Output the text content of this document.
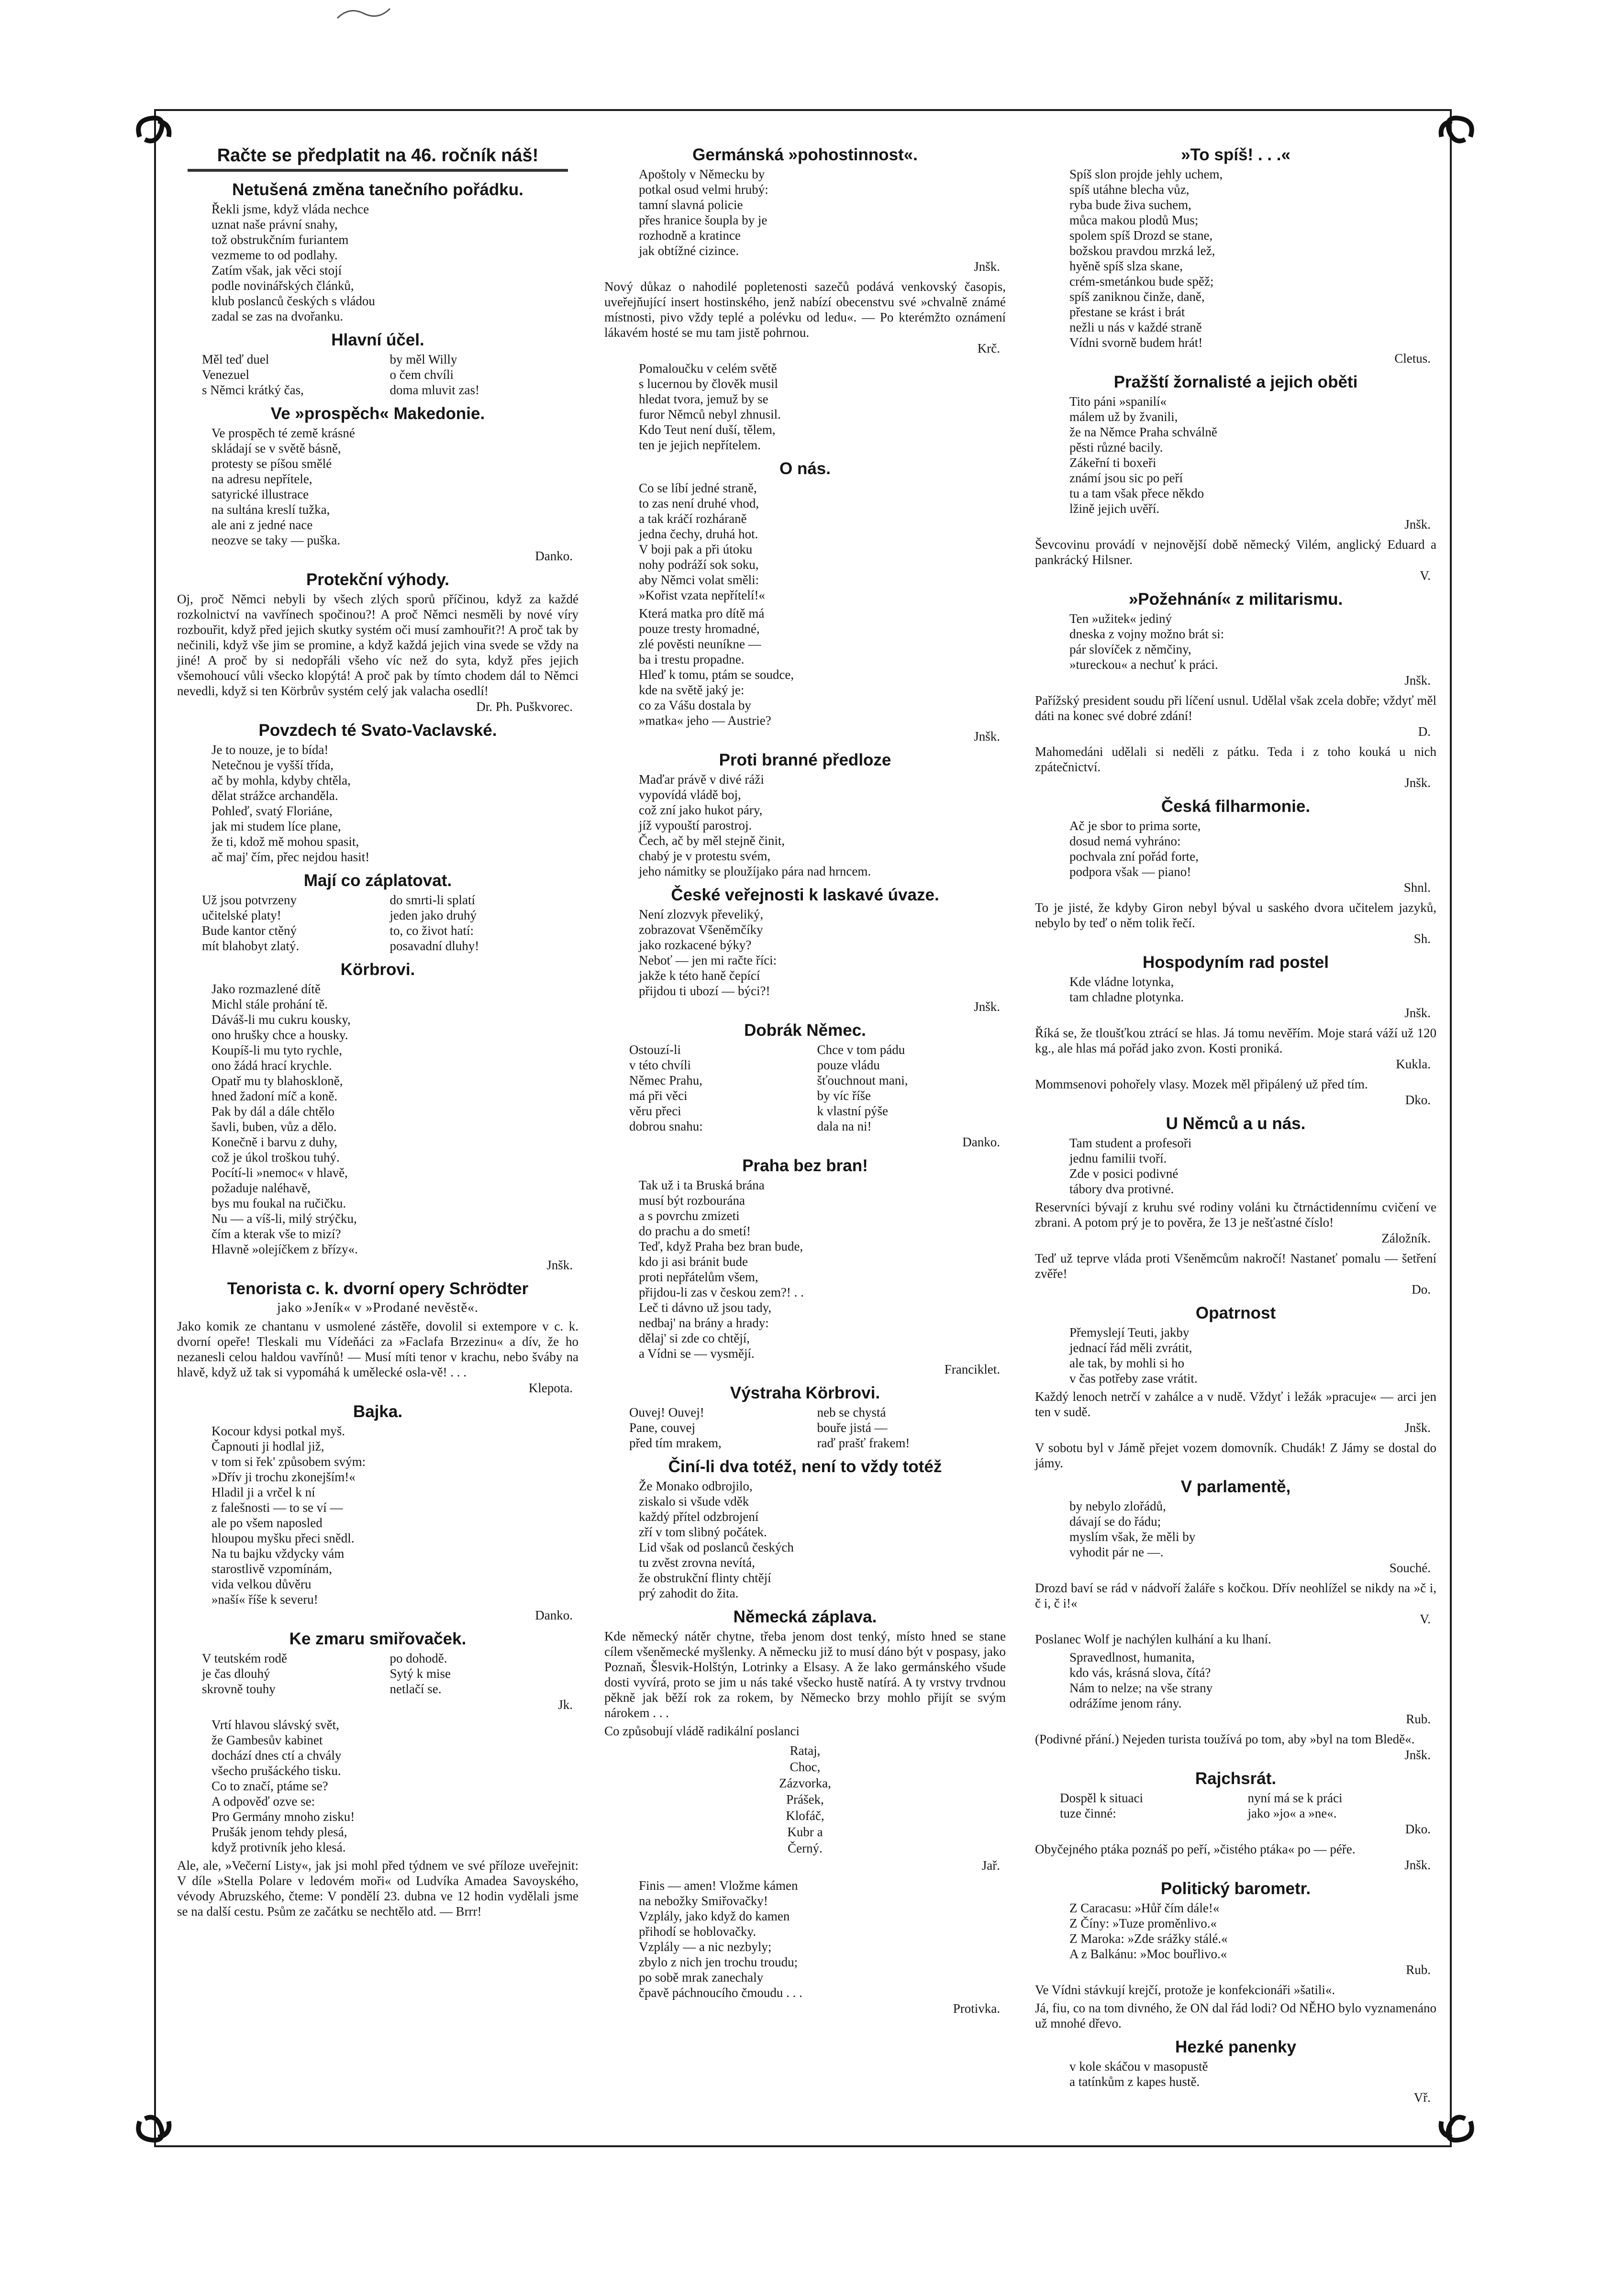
Račte se předplatit na 46. ročník náš!
Netušená změna tanečního pořádku.
Řekli jsme, když vláda nechce
uznat naše právní snahy,
tož obstrukčním furiantem
vezmeme to od podlahy.
Zatím však, jak věci stojí
podle novinářských článků,
klub poslanců českých s vládou
zadal se zas na dvořanku.
Hlavní účel.
Měl teď duel
Venezuel
s Němci krátký čas,
by měl Willy
o čem chvíli
doma mluvit zas!
Ve »prospěch« Makedonie.
Ve prospěch té země krásné
skládají se v světě básně,
protesty se píšou smělé
na adresu nepřítele,
satyrické illustrace
na sultána kreslí tužka,
ale ani z jedné nace
neozve se taky — puška.
Danko.
Protekční výhody.
Oj, proč Němci nebyli by všech zlých sporů příčinou, když za každé rozkolnictví na vavřínech spočinou?! A proč Němci nesměli by nové víry rozbouřit, když před jejich skutky systém oči musí zamhouřit?! A proč tak by nečinili, když vše jim se promine, a když každá jejich vina svede se vždy na jiné! A proč by si nedopřáli všeho víc než do syta, když přes jejich všemohoucí vůli všecko klopýtá! A proč pak by tímto chodem dál to Němci nevedli, když si ten Körbrův systém celý jak valacha osedlí!
Dr. Ph. Puškvorec.
Povzdech té Svato-Vaclavské.
Je to nouze, je to bída!
Netečnou je vyšší třída,
ač by mohla, kdyby chtěla,
dělat strážce archanděla.
Pohleď, svatý Floriáne,
jak mi studem líce plane,
že ti, kdož mě mohou spasit,
ač maj' čím, přec nejdou hasit!
Mají co záplatovat.
Už jsou potvrzeny
učitelské platy!
Bude kantor ctěný
mít blahobyt zlatý.
do smrti-li splatí
jeden jako druhý
to, co život hatí:
posavadní dluhy!
Körbrovi.
Jako rozmazlené dítě
Michl stále prohání tě.
Dáváš-li mu cukru kousky,
ono hrušky chce a housky.
Koupíš-li mu tyto rychle,
ono žádá hrací krychle.
Opatř mu ty blahoskloně,
hned žadoní míč a koně.
Pak by dál a dále chtělo
šavli, buben, vůz a dělo.
Konečně i barvu z duhy,
což je úkol troškou tuhý.
Pocítí-li »nemoc« v hlavě,
požaduje naléhavě,
bys mu foukal na ručičku.
Nu — a víš-li, milý strýčku,
čím a kterak vše to mizí?
Hlavně »olejíčkem z břízy«.
Jnšk.
Tenorista c. k. dvorní opery Schrödter
jako »Jeník« v »Prodané nevěstě«.
Jako komik ze chantanu v usmolené zástěře, dovolil si extempore v c. k. dvorní opeře! Tleskali mu Vídeňáci za »Faclafa Brzezinu« a dív, že ho nezanesli celou haldou vavřínů! — Musí míti tenor v krachu, nebo šváby na hlavě, když už tak si vypomáhá k umělecké osla-vě! . . .
Klepota.
Bajka.
Kocour kdysi potkal myš.
Čapnouti ji hodlal již,
v tom si řek' způsobem svým:
»Dřív ji trochu zkonejším!«
Hladil ji a vrčel k ní
z falešnosti — to se ví —
ale po všem naposled
hloupou myšku přeci snědl.
Na tu bajku vždycky vám
starostlivě vzpomínám,
vida velkou důvěru
»naší« říše k severu!
Danko.
Ke zmaru smiřovaček.
V teutském rodě
je čas dlouhý
skrovně touhy
po dohodě.
Sytý k mise
netlačí se.
Jk.
Vrtí hlavou slávský svět,
že Gambesův kabinet
dochází dnes ctí a chvály
všecho prušáckého tisku.
Co to značí, ptáme se?
A odpověď ozve se:
Pro Germány mnoho zisku!
Prušák jenom tehdy plesá,
když protivník jeho klesá.
Ale, ale, »Večerní Listy«, jak jsi mohl před týdnem ve své příloze uveřejnit: V díle »Stella Polare v ledovém moři« od Ludvíka Amadea Savoyského, vévody Abruzského, čteme: V pondělí 23. dubna ve 12 hodin vydělali jsme se na další cestu. Psům ze začátku se nechtělo atd. — Brrr!
Germánská »pohostinnost«.
Apoštoly v Německu by
potkal osud velmi hrubý:
tamní slavná policie
přes hranice šoupla by je
rozhodně a kratince
jak obtížné cizince.
Jnšk.
Nový důkaz o nahodilé popletenosti sazečů podává venkovský časopis, uveřejňující insert hostinského, jenž nabízí obecenstvu své »chvalně známé místnosti, pivo vždy teplé a polévku od ledu«. — Po kterémžto oznámení lákavém hosté se mu tam jistě pohrnou.
Krč.
Pomaloučku v celém světě
s lucernou by člověk musil
hledat tvora, jemuž by se
furor Němců nebyl zhnusil.
Kdo Teut není duší, tělem,
ten je jejich nepřítelem.
O nás.
Co se líbí jedné straně,
to zas není druhé vhod,
a tak kráčí rozháraně
jedna čechy, druhá hot.
V boji pak a při útoku
nohy podráží sok soku,
aby Němci volat směli:
»Kořist vzata nepřítelí!«
Která matka pro dítě má
pouze tresty hromadné,
zlé pověsti neuníkne —
ba i trestu propadne.
Hleď k tomu, ptám se soudce,
kde na světě jaký je:
co za Vášu dostala by
»matka« jeho — Austrie?
Jnšk.
Proti branné předloze
Maďar právě v divé ráži
vypovídá vládě boj,
což zní jako hukot páry,
jíž vypouští parostroj.
Čech, ač by měl stejně činit,
chabý je v protestu svém,
jeho námitky se ploužíjako pára nad hrncem.
České veřejnosti k laskavé úvaze.
Není zlozvyk převeliký,
zobrazovat Všeněmčíky
jako rozkacené býky?
Neboť — jen mi račte říci:
jakže k této haně čepící
přijdou ti ubozí — býci?!
Jnšk.
Dobrák Němec.
Ostouzí-li
v této chvíli
Němec Prahu,
má při věci
věru přeci
dobrou snahu:
Chce v tom pádu
pouze vládu
šťouchnout mani,
by víc říše
k vlastní pýše
dala na ni!
Danko.
Praha bez bran!
Tak už i ta Bruská brána
musí být rozbourána
a s povrchu zmizeti
do prachu a do smetí!
Teď, když Praha bez bran bude,
kdo ji asi bránit bude
proti nepřátelům všem,
přijdou-li zas v českou zem?! . .
Leč ti dávno už jsou tady,
nedbaj' na brány a hrady:
dělaj' si zde co chtějí,
a Vídni se — vysmějí.
Franciklet.
Výstraha Körbrovi.
Ouvej! Ouvej!
Pane, couvej
před tím mrakem,
neb se chystá
bouře jistá —
raď prašť frakem!
Činí-li dva totéž, není to vždy totéž
Že Monako odbrojilo,
ziskalo si všude vděk
každý přítel odzbrojení
zří v tom slibný počátek.
Lid však od poslanců českých
tu zvěst zrovna nevítá,
že obstrukční flinty chtějí
prý zahodit do žita.
Německá záplava.
Kde německý nátěr chytne, třeba jenom dost tenký, místo hned se stane cílem všeněmecké myšlenky. A německu již to musí dáno být v pospasy, jako Poznaň, Šlesvik-Holštýn, Lotrinky a Elsasy. A že lako germánského všude dosti vyvírá, proto se jim u nás také všecko hustě natírá. A ty vrstvy trvdnou pěkně jak běží rok za rokem, by Německo brzy mohlo přijít se svým nárokem . . .
Co způsobují vládě radikální poslanci
Rataj,
Choc,
Zázvorka,
Prášek,
Klofáč,
Kubr a
Černý.
Jař.
Finis — amen! Vložme kámen
na nebožky Smiřovačky!
Vzplály, jako když do kamen
přihodí se hoblovačky.
Vzplály — a nic nezbyly;
zbylo z nich jen trochu troudu;
po sobě mrak zanechaly
čpavě páchnoucího čmoudu . . .
Protivka.
»To spíš! . . .«
Spíš slon projde jehly uchem,
spíš utáhne blecha vůz,
ryba bude živa suchem,
můca makou plodů Mus;
spolem spíš Drozd se stane,
božskou pravdou mrzká lež,
hyěně spíš slza skane,
crém-smetánkou bude spěž;
spíš zaniknou činže, daně,
přestane se krást i brát
nežli u nás v každé straně
Vídni svorně budem hrát!
Cletus.
Pražští žornalisté a jejich oběti
Tito páni »spanilí«
málem už by žvanili,
že na Němce Praha schválně
pěsti různé bacily.
Zákeřní ti boxeři
známí jsou sic po peří
tu a tam však přece někdo
lžině jejich uvěří.
Jnšk.
Ševcovinu provádí v nejnovější době německý Vilém, anglický Eduard a pankrácký Hilsner.
V.
»Požehnání« z militarismu.
Ten »užitek« jediný
dneska z vojny možno brát si:
pár slovíček z němčiny,
»tureckou« a nechuť k práci.
Jnšk.
Pařížský president soudu při líčení usnul. Udělal však zcela dobře; vždyť měl dáti na konec své dobré zdání!
D.
Mahomedáni udělali si neděli z pátku. Teda i z toho kouká u nich zpátečnictví.
Jnšk.
Česká filharmonie.
Ač je sbor to prima sorte,
dosud nemá vyhráno:
pochvala zní pořád forte,
podpora však — piano!
Shnl.
To je jisté, že kdyby Giron nebyl býval u saského dvora učitelem jazyků, nebylo by teď o něm tolik řečí.
Sh.
Hospodyním rad postel
Kde vládne lotynka,
tam chladne plotynka.
Jnšk.
Říká se, že tloušťkou ztrácí se hlas. Já tomu nevěřím. Moje stará váží už 120 kg., ale hlas má pořád jako zvon. Kosti proniká.
Kukla.
Mommsenovi pohořely vlasy. Mozek měl připálený už před tím.
Dko.
U Němců a u nás.
Tam student a profesoři
jednu familii tvoří.
Zde v posici podivné
tábory dva protivné.
Reservníci bývají z kruhu své rodiny voláni ku čtrnáctidennímu cvičení ve zbrani. A potom prý je to pověra, že 13 je nešťastné číslo!
Záložník.
Teď už teprve vláda proti Všeněmcům nakročí! Nastaneť pomalu — šetření zvěře!
Do.
Opatrnost
Přemyslejí Teuti, jakby
jednací řád měli zvrátit,
ale tak, by mohli si ho
v čas potřeby zase vrátit.
Každý lenoch netrčí v zahálce a v nudě. Vždyť i ležák »pracuje« — arci jen ten v sudě.
Jnšk.
V sobotu byl v Jámě přejet vozem domovník. Chudák! Z Jámy se dostal do jámy.
V parlamentě,
by nebylo zlořádů,
dávají se do řádu;
myslím však, že měli by
vyhodit pár ne —.
Souché.
Drozd baví se rád v nádvoří žaláře s kočkou. Dřív neohlížel se nikdy na »č i, č i, č i!«
V.
Poslanec Wolf je nachýlen kulhání a ku lhaní.
Spravedlnost, humanita,
kdo vás, krásná slova, čítá?
Nám to nelze; na vše strany
odrážíme jenom rány.
Rub.
(Podivné přání.) Nejeden turista toužívá po tom, aby »byl na tom Bledě«.
Jnšk.
Rajchsrát.
Dospěl k situaci
tuze činné:
nyní má se k práci
jako »jo« a »ne«.
Dko.
Obyčejného ptáka poznáš po peří, »čistého ptáka« po — péře.
Jnšk.
Politický barometr.
Z Caracasu: »Hůř čím dále!«
Z Číny: »Tuze proměnlivo.«
Z Maroka: »Zde srážky stálé.«
A z Balkánu: »Moc bouřlivo.«
Rub.
Ve Vídni stávkují krejčí, protože je konfekcionáři »šatili«.
Já, fiu, co na tom divného, že ON dal řád lodi? Od NĚHO bylo vyznamenáno už mnohé dřevo.
Hezké panenky
v kole skáčou v masopustě
a tatínkům z kapes hustě.
Vř.
